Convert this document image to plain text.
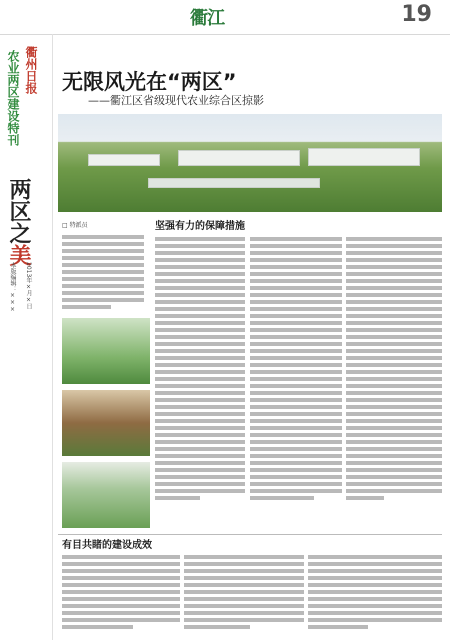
衢江	19
农业两区建设特刊 衢州日报
两区之美
本版编辑：××× 2013年×月×日
无限风光在“两区”
——衢江区省级现代农业综合区掠影
□ 特派员	坚强有力的保障措施
有目共睹的建设成效
